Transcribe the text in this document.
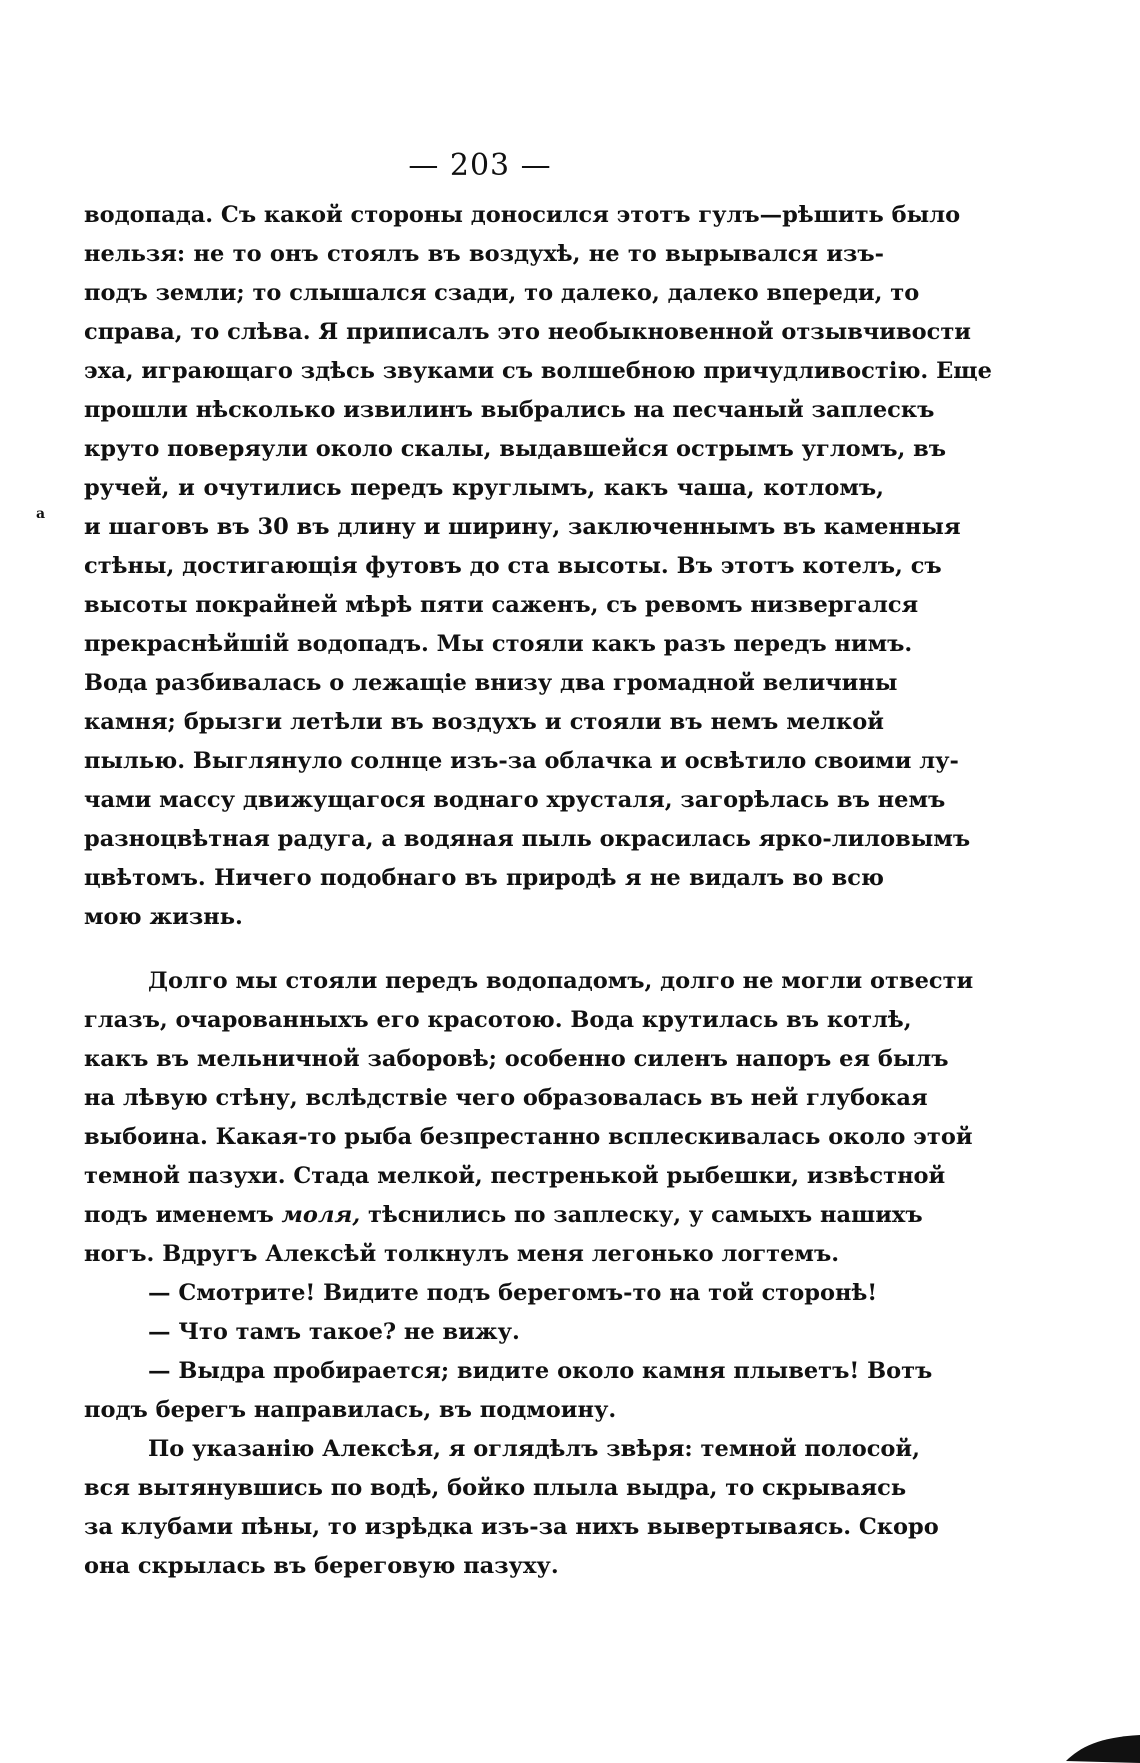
— 203 —
a
водопада. Съ какой стороны доносился этотъ гулъ—рѣшить было
нельзя: не то онъ стоялъ въ воздухѣ, не то вырывался изъ-
подъ земли; то слышался сзади, то далеко, далеко впереди, то
справа, то слѣва. Я приписалъ это необыкновенной отзывчивости
эха, играющаго здѣсь звуками съ волшебною причудливостію. Еще
прошли нѣсколько извилинъ выбрались на песчаный заплескъ
круто поверяули около скалы, выдавшейся острымъ угломъ, въ
ручей, и очутились передъ круглымъ, какъ чаша, котломъ,
и шаговъ въ 30 въ длину и ширину, заключеннымъ въ каменныя
стѣны, достигающія футовъ до ста высоты. Въ этотъ котелъ, съ
высоты покрайней мѣрѣ пяти саженъ, съ ревомъ низвергался
прекраснѣйшій водопадъ. Мы стояли какъ разъ передъ нимъ.
Вода разбивалась о лежащіе внизу два громадной величины
камня; брызги летѣли въ воздухъ и стояли въ немъ мелкой
пылью. Выглянуло солнце изъ-за облачка и освѣтило своими лу-
чами массу движущагося воднаго хрусталя, загорѣлась въ немъ
разноцвѣтная радуга, а водяная пыль окрасилась ярко-лиловымъ
цвѣтомъ. Ничего подобнаго въ природѣ я не видалъ во всю
мою жизнь.
Долго мы стояли передъ водопадомъ, долго не могли отвести
глазъ, очарованныхъ его красотою. Вода крутилась въ котлѣ,
какъ въ мельничной заборовѣ; особенно силенъ напоръ ея былъ
на лѣвую стѣну, вслѣдствіе чего образовалась въ ней глубокая
выбоина. Какая-то рыба безпрестанно всплескивалась около этой
темной пазухи. Стада мелкой, пестренькой рыбешки, извѣстной
подъ именемъ моля, тѣснились по заплеску, у самыхъ нашихъ
ногъ. Вдругъ Алексѣй толкнулъ меня легонько логтемъ.
— Смотрите! Видите подъ берегомъ-то на той сторонѣ!
— Что тамъ такое? не вижу.
— Выдра пробирается; видите около камня плыветъ! Вотъ
подъ берегъ направилась, въ подмоину.
По указанію Алексѣя, я оглядѣлъ звѣря: темной полосой,
вся вытянувшись по водѣ, бойко плыла выдра, то скрываясь
за клубами пѣны, то изрѣдка изъ-за нихъ вывертываясь. Скоро
она скрылась въ береговую пазуху.
